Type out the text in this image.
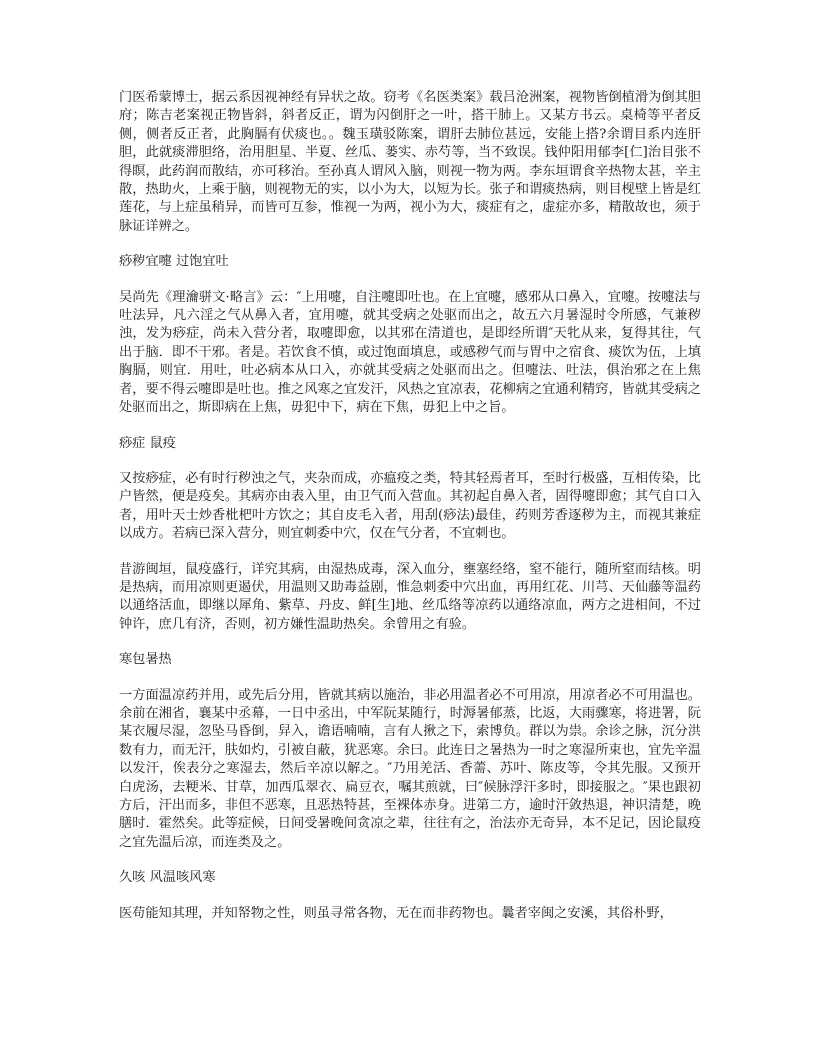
门医希蒙博士，据云系因视神经有异状之故。窃考《名医类案》载吕沧洲案，视物皆倒植滑为倒其胆府；陈吉老案视正物皆斜，斜者反正，谓为闪倒肝之一叶，搭干肺上。又某方书云。桌椅等平者反侧，侧者反正者，此胸膈有伏痰也。。魏玉璜驳陈案，谓肝去肺位甚远，安能上搭?余谓目系内连肝胆，此就痰滞胆络，治用胆星、半夏、丝瓜、蒌实、赤芍等，当不致误。钱仲阳用郁李[仁]治目张不得瞑，此药润而散结，亦可移治。至孙真人谓风入脑，则视一物为两。李东垣谓食辛热物太甚，辛主散，热助火，上乘于脑，则视物无的实，以小为大，以短为长。张子和谓痰热病，则目枧壁上皆是红莲花，与上症虽稍异，而皆可互参，惟视一为两，视小为大，痰症有之，虚症亦多，精散故也，须于脉证详辨之。

痧秽宜嚏 过饱宜吐

吴尚先《理瀹骈文·略言》云：″上用嚏，自注嚏即吐也。在上宜嚏，感邪从口鼻入，宜嚏。按嚏法与吐法异，凡六淫之气从鼻入者，宜用嚏，就其受病之处驱而出之，故五六月暑湿时令所感，气兼秽浊，发为痧症，尚未入营分者，取嚏即愈，以其邪在清道也，是即经所谓″天牝从来，复得其往，气出于脑．即不干邪。者是。若饮食不慎，或过饱面填息，或感秽气而与胃中之宿食、痰饮为伍，上填胸膈，则宜．用吐，吐必病本从口入，亦就其受病之处驱而出之。但嚏法、吐法，俱治邪之在上焦者，要不得云嚏即是吐也。推之风寒之宜发汗，风热之宜凉表，花柳病之宜通利精窍，皆就其受病之处驱而出之，斯即病在上焦，毋犯中下，病在下焦，毋犯上中之旨。

痧症 鼠疫

又按痧症，必有时行秽浊之气，夹杂而成，亦瘟疫之类，特其轻焉者耳，至时行极盛，互相传染，比户皆然，便是疫矣。其病亦由表入里，由卫气而入营血。其初起自鼻入者，固得嚏即愈；其气自口入者，用叶天士炒香枇杷叶方饮之；其自皮毛入者，用刮(痧法)最佳，药则芳香逐秽为主，而视其兼症以成方。若病已深入营分，则宜刺委中穴，仅在气分者，不宜刺也。

昔游闽垣，鼠疫盛行，详究其病，由湿热成毒，深入血分，壅塞经络，窒不能行，随所窒而结核。明是热病，而用凉则更遏伏，用温则又助毒益剧，惟急刺委中穴出血，再用红花、川芎、天仙藤等温药以通络活血，即继以犀角、紫草、丹皮、鲜[生]地、丝瓜络等凉药以通络凉血，两方之进相间，不过钟许，庶几有济，否则，初方嫌性温助热矣。余曾用之有验。

寒包暑热

一方面温凉药并用，或先后分用，皆就其病以施治，非必用温者必不可用凉，用凉者必不可用温也。余前在湘省，襄某中丞幕，一日中丞出，中军阮某随行，时溽暑郁蒸，比返，大雨骤寒，将进署，阮某衣履尽湿，忽坠马昏倒，舁入，谵语喃喃，言有人揪之下，索博负。群以为祟。余诊之脉，沉分洪数有力，而无汗，肤如灼，引被自蔽，犹恶寒。余曰。此连日之暑热为一时之寒湿所束也，宜先辛温以发汗，俟表分之寒湿去，然后辛凉以解之。″乃用羌活、香薷、苏叶、陈皮等，令其先服。又预开白虎汤，去粳米、甘草，加西瓜翠衣、扁豆衣，嘱其煎就，曰″候脉浮汗多时，即接服之。″果也跟初方后，汗出而多，非但不恶寒，且恶热特甚，至裸体赤身。进第二方，逾时汗敛热退，神识清楚，晚膳时．霍然矣。此等症候，日间受暑晚间贪凉之辈，往往有之，治法亦无奇异，本不足记，因论鼠疫之宜先温后凉，而连类及之。

久咳 风温咳风寒

医苟能知其理，并知帑物之性，则虽寻常各物，无在而非药物也。曩者宰闽之安溪，其俗朴野，
